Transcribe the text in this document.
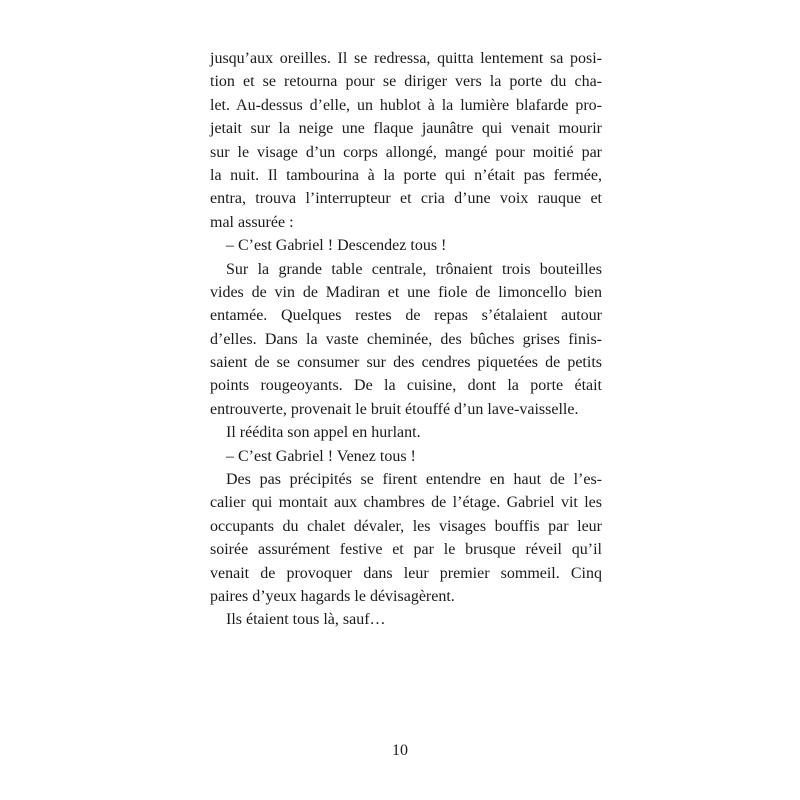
jusqu’aux oreilles. Il se redressa, quitta lentement sa posi-
tion et se retourna pour se diriger vers la porte du cha-
let. Au-dessus d’elle, un hublot à la lumière blafarde pro-
jetait sur la neige une flaque jaunâtre qui venait mourir
sur le visage d’un corps allongé, mangé pour moitié par
la nuit. Il tambourina à la porte qui n’était pas fermée,
entra, trouva l’interrupteur et cria d’une voix rauque et
mal assurée :
– C’est Gabriel ! Descendez tous !
Sur la grande table centrale, trônaient trois bouteilles
vides de vin de Madiran et une fiole de limoncello bien
entamée. Quelques restes de repas s’étalaient autour
d’elles. Dans la vaste cheminée, des bûches grises finis-
saient de se consumer sur des cendres piquetées de petits
points rougeoyants. De la cuisine, dont la porte était
entrouverte, provenait le bruit étouffé d’un lave-vaisselle.
Il réédita son appel en hurlant.
– C’est Gabriel ! Venez tous !
Des pas précipités se firent entendre en haut de l’es-
calier qui montait aux chambres de l’étage. Gabriel vit les
occupants du chalet dévaler, les visages bouffis par leur
soirée assurément festive et par le brusque réveil qu’il
venait de provoquer dans leur premier sommeil. Cinq
paires d’yeux hagards le dévisagèrent.
Ils étaient tous là, sauf…
10
